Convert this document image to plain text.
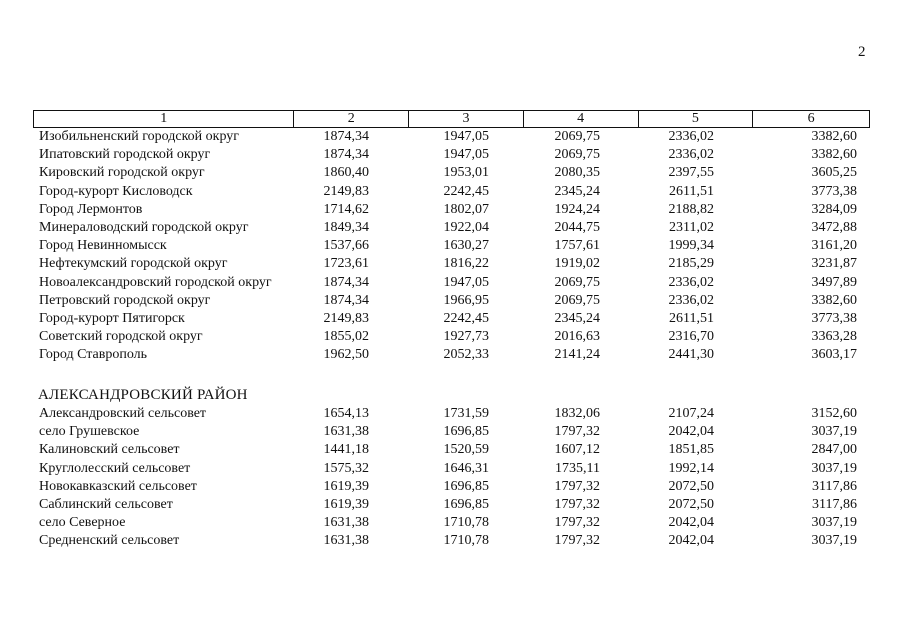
2
1	2	3	4	5	6
Изобильненский городской округ	1874,34	1947,05	2069,75	2336,02	3382,60
Ипатовский городской округ	1874,34	1947,05	2069,75	2336,02	3382,60
Кировский городской округ	1860,40	1953,01	2080,35	2397,55	3605,25
Город-курорт Кисловодск	2149,83	2242,45	2345,24	2611,51	3773,38
Город Лермонтов	1714,62	1802,07	1924,24	2188,82	3284,09
Минераловодский городской округ	1849,34	1922,04	2044,75	2311,02	3472,88
Город Невинномысск	1537,66	1630,27	1757,61	1999,34	3161,20
Нефтекумский городской округ	1723,61	1816,22	1919,02	2185,29	3231,87
Новоалександровский городской округ	1874,34	1947,05	2069,75	2336,02	3497,89
Петровский городской округ	1874,34	1966,95	2069,75	2336,02	3382,60
Город-курорт Пятигорск	2149,83	2242,45	2345,24	2611,51	3773,38
Советский городской округ	1855,02	1927,73	2016,63	2316,70	3363,28
Город Ставрополь	1962,50	2052,33	2141,24	2441,30	3603,17
Александровский сельсовет	1654,13	1731,59	1832,06	2107,24	3152,60
село Грушевское	1631,38	1696,85	1797,32	2042,04	3037,19
Калиновский сельсовет	1441,18	1520,59	1607,12	1851,85	2847,00
Круглолесский сельсовет	1575,32	1646,31	1735,11	1992,14	3037,19
Новокавказский сельсовет	1619,39	1696,85	1797,32	2072,50	3117,86
Саблинский сельсовет	1619,39	1696,85	1797,32	2072,50	3117,86
село Северное	1631,38	1710,78	1797,32	2042,04	3037,19
Средненский сельсовет	1631,38	1710,78	1797,32	2042,04	3037,19
АЛЕКСАНДРОВСКИЙ РАЙОН
